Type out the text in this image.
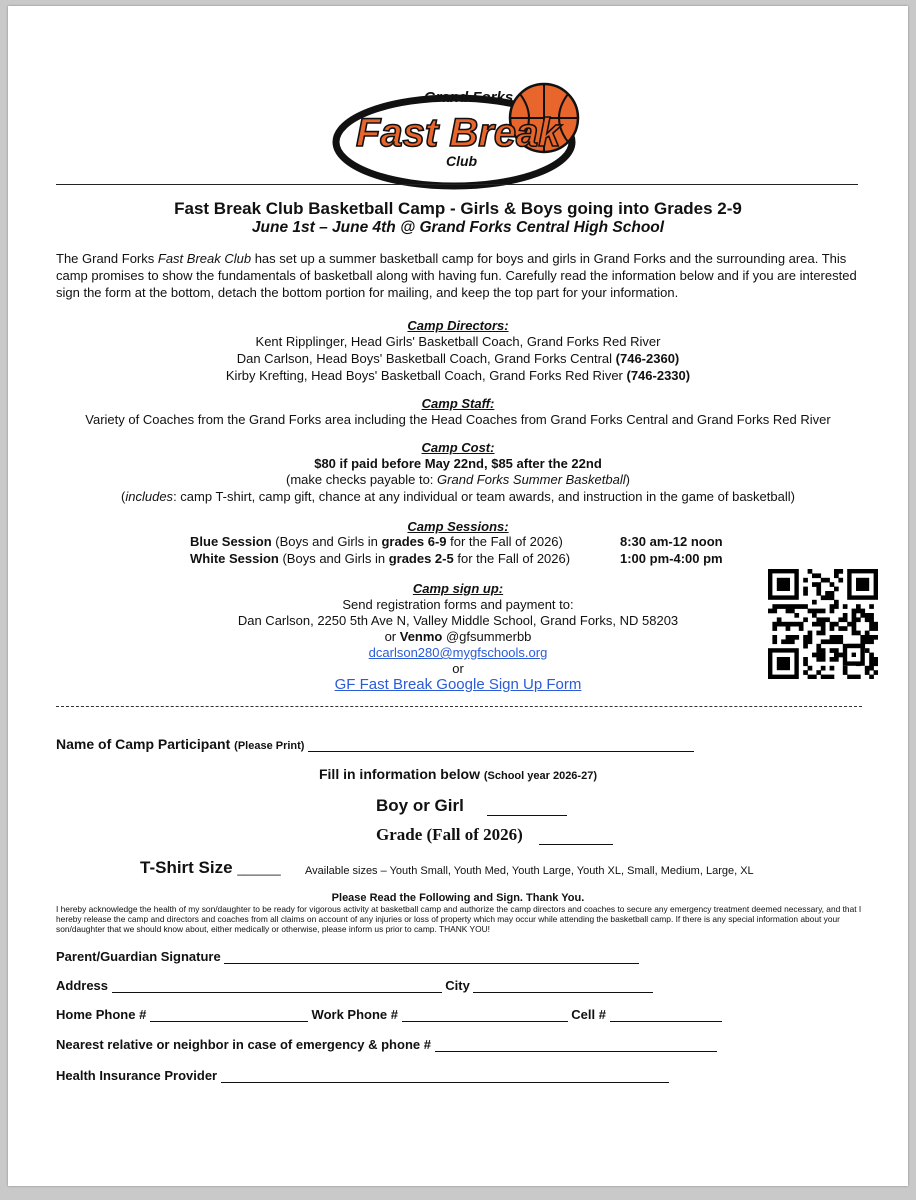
Grand Forks
Fast Break
Club
Fast Break Club Basketball Camp - Girls & Boys going into Grades 2-9
June 1st – June 4th @ Grand Forks Central High School
The Grand Forks Fast Break Club has set up a summer basketball camp for boys and girls in Grand Forks and the surrounding area. This camp promises to show the fundamentals of basketball along with having fun. Carefully read the information below and if you are interested sign the form at the bottom, detach the bottom portion for mailing, and keep the top part for your information.
Camp Directors:
Kent Ripplinger, Head Girls' Basketball Coach, Grand Forks Red River
Dan Carlson, Head Boys' Basketball Coach, Grand Forks Central (746-2360)
Kirby Krefting, Head Boys' Basketball Coach, Grand Forks Red River (746-2330)
Camp Staff:
Variety of Coaches from the Grand Forks area including the Head Coaches from Grand Forks Central and Grand Forks Red River
Camp Cost:
$80 if paid before May 22nd, $85 after the 22nd
(make checks payable to: Grand Forks Summer Basketball)
(includes: camp T-shirt, camp gift, chance at any individual or team awards, and instruction in the game of basketball)
Camp Sessions:
Blue Session (Boys and Girls in grades 6-9 for the Fall of 2026)	8:30 am-12 noon
White Session (Boys and Girls in grades 2-5 for the Fall of 2026)	1:00 pm-4:00 pm
Camp sign up:
Send registration forms and payment to:
Dan Carlson, 2250 5th Ave N, Valley Middle School, Grand Forks, ND 58203
or Venmo @gfsummerbb
dcarlson280@mygfschools.org
or
GF Fast Break Google Sign Up Form
Name of Camp Participant (Please Print)
Fill in information below (School year 2026-27)
Boy or Girl
Grade (Fall of 2026)
T-Shirt Size ______ Available sizes – Youth Small, Youth Med, Youth Large, Youth XL, Small, Medium, Large, XL
Please Read the Following and Sign. Thank You.
I hereby acknowledge the health of my son/daughter to be ready for vigorous activity at basketball camp and authorize the camp directors and coaches to secure any emergency treatment deemed necessary, and that I hereby release the camp and directors and coaches from all claims on account of any injuries or loss of property which may occur while attending the basketball camp. If there is any special information about your son/daughter that we should know about, either medically or otherwise, please inform us prior to camp. THANK YOU!
Parent/Guardian Signature
Address	City
Home Phone #	Work Phone #	Cell #
Nearest relative or neighbor in case of emergency & phone #
Health Insurance Provider
